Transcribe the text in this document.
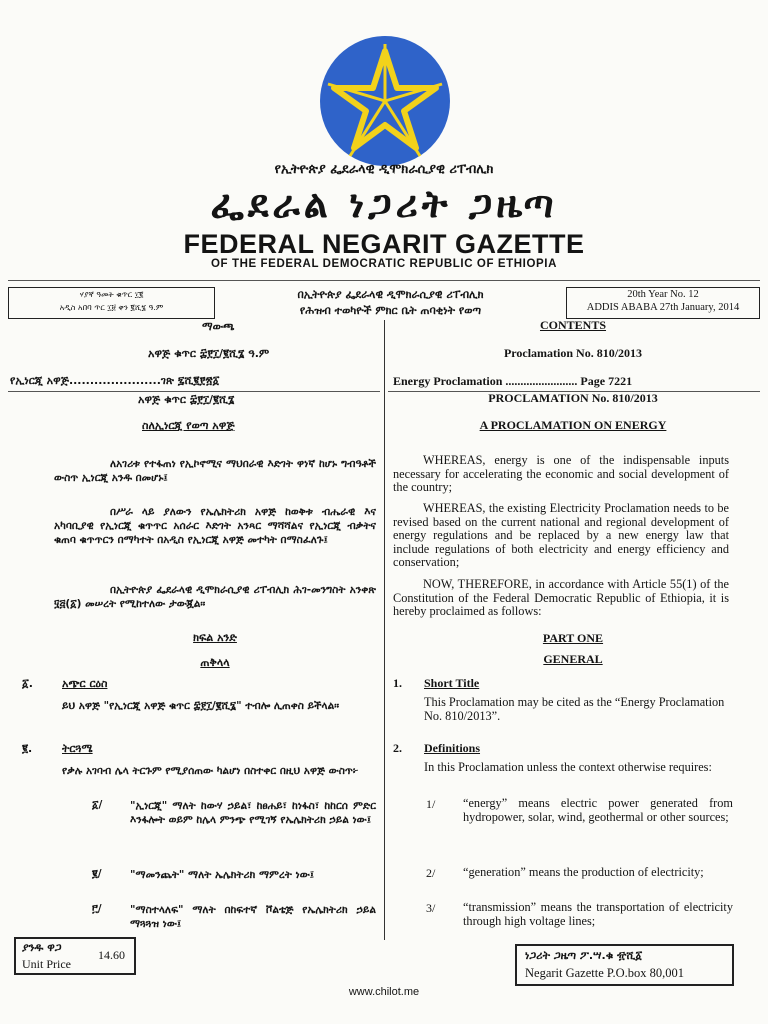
የኢትዮጵያ ፌደራላዊ ዲሞክራሲያዊ ሪፐብሊክ
ፌደራል ነጋሪት ጋዜጣ
FEDERAL NEGARIT GAZETTE
OF THE FEDERAL DEMOCRATIC REPUBLIC OF ETHIOPIA
ሃያኛ ዓመት ቁጥር ፲፪
አዲስ አበባ ጥር ፲፱ ቀን ፪ሺ፮ ዓ.ም
በኢትዮጵያ ፌደራላዊ ዲሞክራሲያዊ ሪፐብሊክ
የሕዝብ ተወካዮች ምክር ቤት ጠባቂነት የወጣ
20th Year No. 12
ADDIS ABABA 27th January, 2014
ማውጫ
አዋጅ ቁጥር ፰፻፲/፪ሺ፮ ዓ.ም
የኢነርጂ አዋጅ......................ገጽ ፯ሺ፪፻፳፩
አዋጅ ቁጥር ፰፻፲/፪ሺ፮
ስለኢነርጂ የወጣ አዋጅ
ለአገሪቱ የተፋጠነ የኢኮኖሚና ማህበራዊ እድገት ዋነኛ ከሆኑ ግብዓቶች ውስጥ ኢነርጂ አንዱ በመሆኑ፤
በሥራ ላይ ያለውን የኤሌክትሪክ አዋጅ ከወቅቱ ብሔራዊ እና አካባቢያዊ የኢነርጂ ቁጥጥር አሰራር እድገት አንጻር ማሻሻልና የኢነርጂ ብቃትና ቁጠባ ቁጥጥርን በማካተት በአዲስ የኢነርጂ አዋጅ መተካት በማስፈለጉ፤
በኢትዮጵያ ፌደራላዊ ዲሞክራሲያዊ ሪፐብሊክ ሕገ-መንግስት አንቀጽ ፶፭(፩) መሠረት የሚከተለው ታውጇል።
ክፍል አንድ
ጠቅላላ
፩.	አጭር ርዕስ
ይህ አዋጅ "የኢነርጂ አዋጅ ቁጥር ፰፻፲/፪ሺ፮" ተብሎ ሊጠቀስ ይችላል።
፪.	ትርጓሜ
የቃሉ አገባብ ሌላ ትርጉም የሚያሰጠው ካልሆነ በስተቀር በዚህ አዋጅ ውስጥ፦
፩/	"ኢነርጂ" ማለት ከውሃ ኃይል፣ ከፀሐይ፣ ከነፋስ፣ ከከርሰ ምድር እንፋሎት ወይም ከሌላ ምንጭ የሚገኝ የኤሌክትሪክ ኃይል ነው፤
፪/	"ማመንጨት" ማለት ኤሌክትሪክ ማምረት ነው፤
፫/	"ማስተላለፍ" ማለት በከፍተኛ ቮልቴጅ የኤሌክትሪክ ኃይል ማጓጓዝ ነው፤
CONTENTS
Proclamation No. 810/2013
Energy Proclamation ........................ Page 7221
PROCLAMATION No. 810/2013
A PROCLAMATION ON ENERGY
WHEREAS, energy is one of the indispensable inputs necessary for accelerating the economic and social development of the country;
WHEREAS, the existing Electricity Proclamation needs to be revised based on the current national and regional development of energy regulations and be replaced by a new energy law that include regulations of both electricity and energy efficiency and conservation;
NOW, THEREFORE, in accordance with Article 55(1) of the Constitution of the Federal Democratic Republic of Ethiopia, it is hereby proclaimed as follows:
PART ONE
GENERAL
1. Short Title
This Proclamation may be cited as the “Energy Proclamation No. 810/2013”.
2. Definitions
In this Proclamation unless the context otherwise requires:
1/ “energy” means electric power generated from hydropower, solar, wind, geothermal or other sources;
2/ “generation” means the production of electricity;
3/ “transmission” means the transportation of electricity through high voltage lines;
ያንዱ ዋጋ
Unit Price
14.60	ነጋሪት ጋዜጣ ፖ.ሣ.ቁ ፹ሺ፩
Negarit Gazette P.O.box 80,001
www.chilot.me
